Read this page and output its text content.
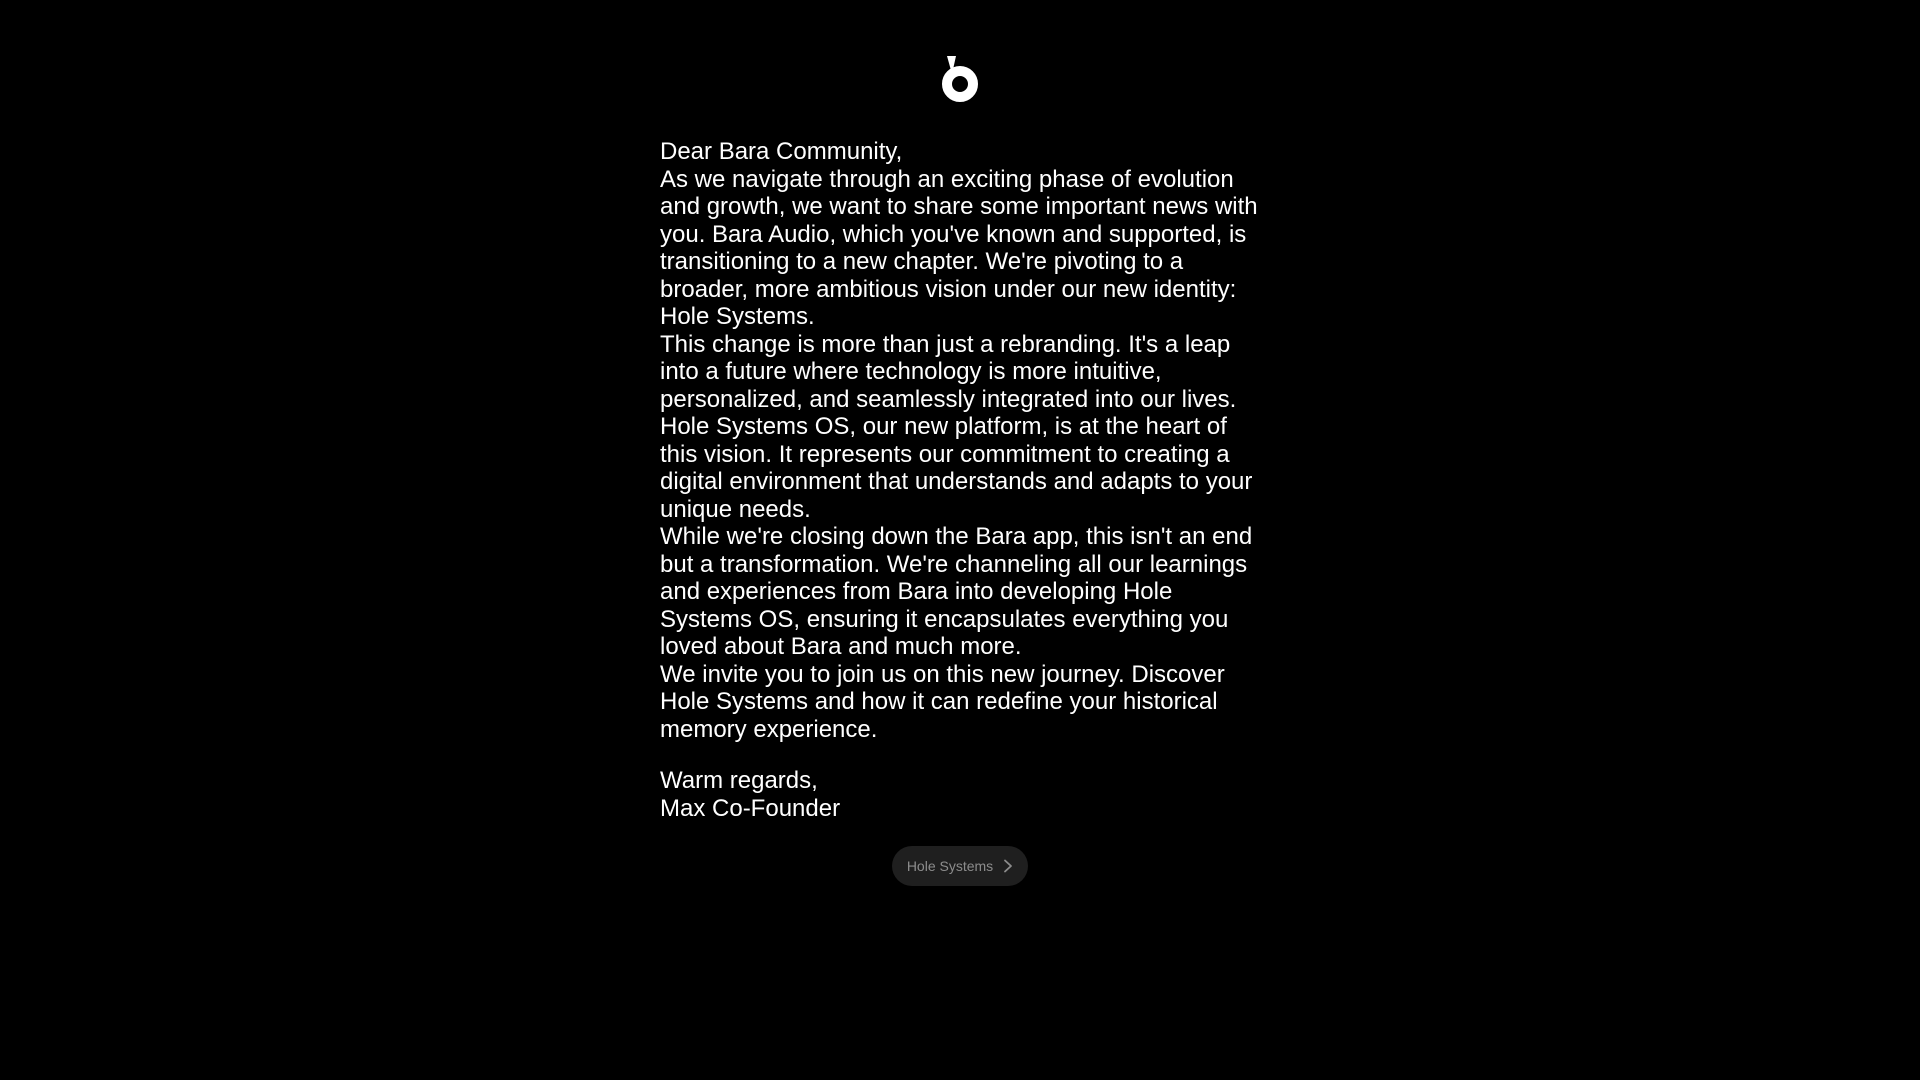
Dear Bara Community,

As we navigate through an exciting phase of evolution and growth, we want to share some important news with you. Bara Audio, which you've known and supported, is transitioning to a new chapter. We're pivoting to a broader, more ambitious vision under our new identity: Hole Systems.

This change is more than just a rebranding. It's a leap into a future where technology is more intuitive, personalized, and seamlessly integrated into our lives. Hole Systems OS, our new platform, is at the heart of this vision. It represents our commitment to creating a digital environment that understands and adapts to your unique needs.

While we're closing down the Bara app, this isn't an end but a transformation. We're channeling all our learnings and experiences from Bara into developing Hole Systems OS, ensuring it encapsulates everything you loved about Bara and much more.

We invite you to join us on this new journey. Discover Hole Systems and how it can redefine your historical memory experience.

Warm regards,

Max Co-Founder

Hole Systems
